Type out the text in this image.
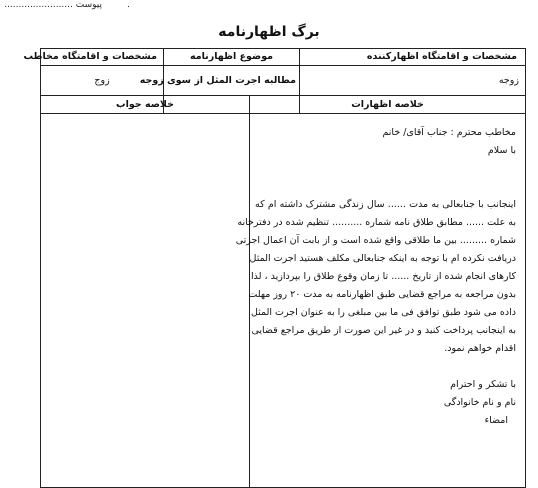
.
پیوست ........................
برگ اظهارنامه
مشخصات و اقامتگاه اظهارکننده
موضوع اظهارنامه
مشخصات و اقامتگاه مخاطب
زوجه
مطالبه اجرت المثل از سوی زوجه
زوج
خلاصه اظهارات
خلاصه جواب
مخاطب محترم : جناب آقای/ خانم
با سلام
اینجانب با جنابعالی به مدت ...... سال زندگی مشترک داشته ام که
به علت ...... مطابق طلاق نامه شماره .......... تنظیم شده در دفترخانه
شماره ......... بین ما طلاقی واقع شده است و از بابت آن اعمال اجرتی
دریافت نکرده ام با توجه به اینکه جنابعالی مکلف هستید اجرت المثل
کارهای انجام شده از تاریخ ...... تا زمان وقوع طلاق را بپردازید ، لذا
بدون مراجعه به مراجع قضایی طبق اظهارنامه به مدت ۲۰ روز مهلت
داده می شود طبق توافق فی ما بین مبلغی را به عنوان اجرت المثل
به اینجانب پرداخت کنید و در غیر این صورت از طریق مراجع قضایی
اقدام خواهم نمود.
با تشکر و احترام
نام و نام خانوادگی
امضاء
